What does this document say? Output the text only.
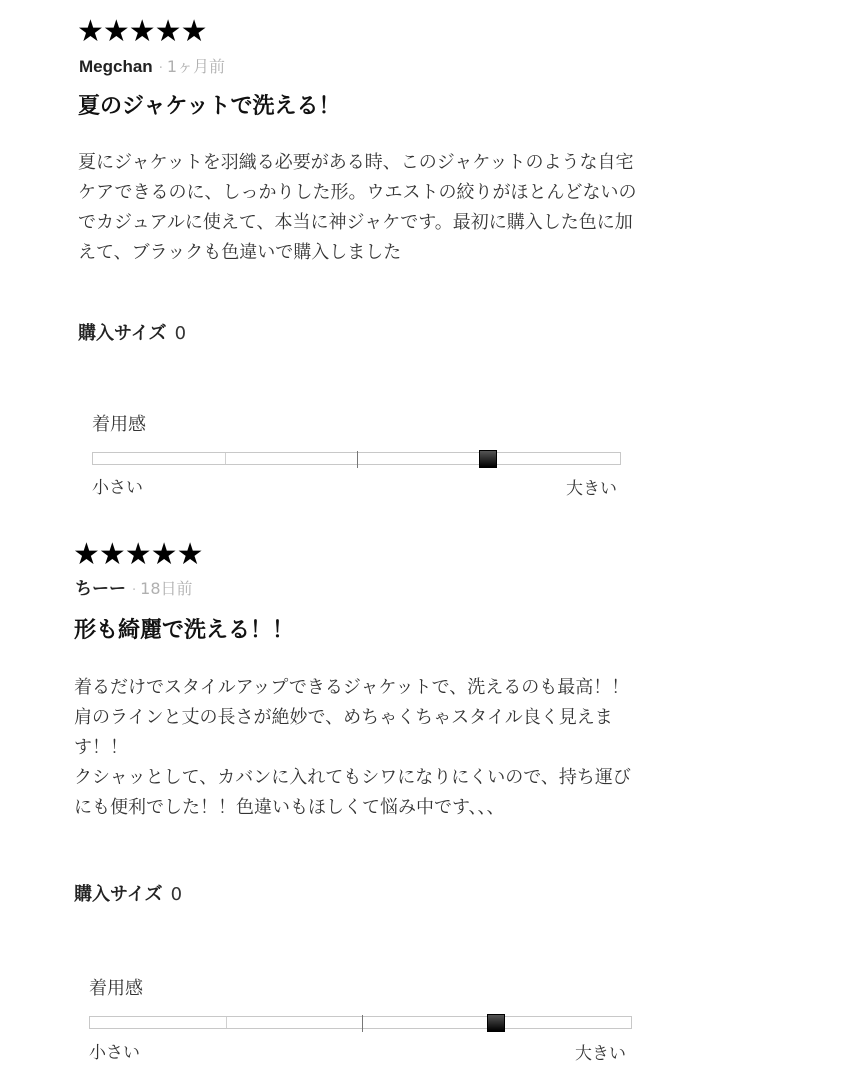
★★★★★
Megchan · 1ヶ月前
夏のジャケットで洗える！
夏にジャケットを羽織る必要がある時、このジャケットのような自宅ケアできるのに、しっかりした形。ウエストの絞りがほとんどないのでカジュアルに使えて、本当に神ジャケです。最初に購入した色に加えて、ブラックも色違いで購入しました
購入サイズ 0
着用感
小さい	大きい
★★★★★
ちーー · 18日前
形も綺麗で洗える！！
着るだけでスタイルアップできるジャケットで、洗えるのも最高！！肩のラインと丈の長さが絶妙で、めちゃくちゃスタイル良く見えます！！
クシャッとして、カバンに入れてもシワになりにくいので、持ち運びにも便利でした！！色違いもほしくて悩み中です、、、
購入サイズ 0
着用感
小さい	大きい
